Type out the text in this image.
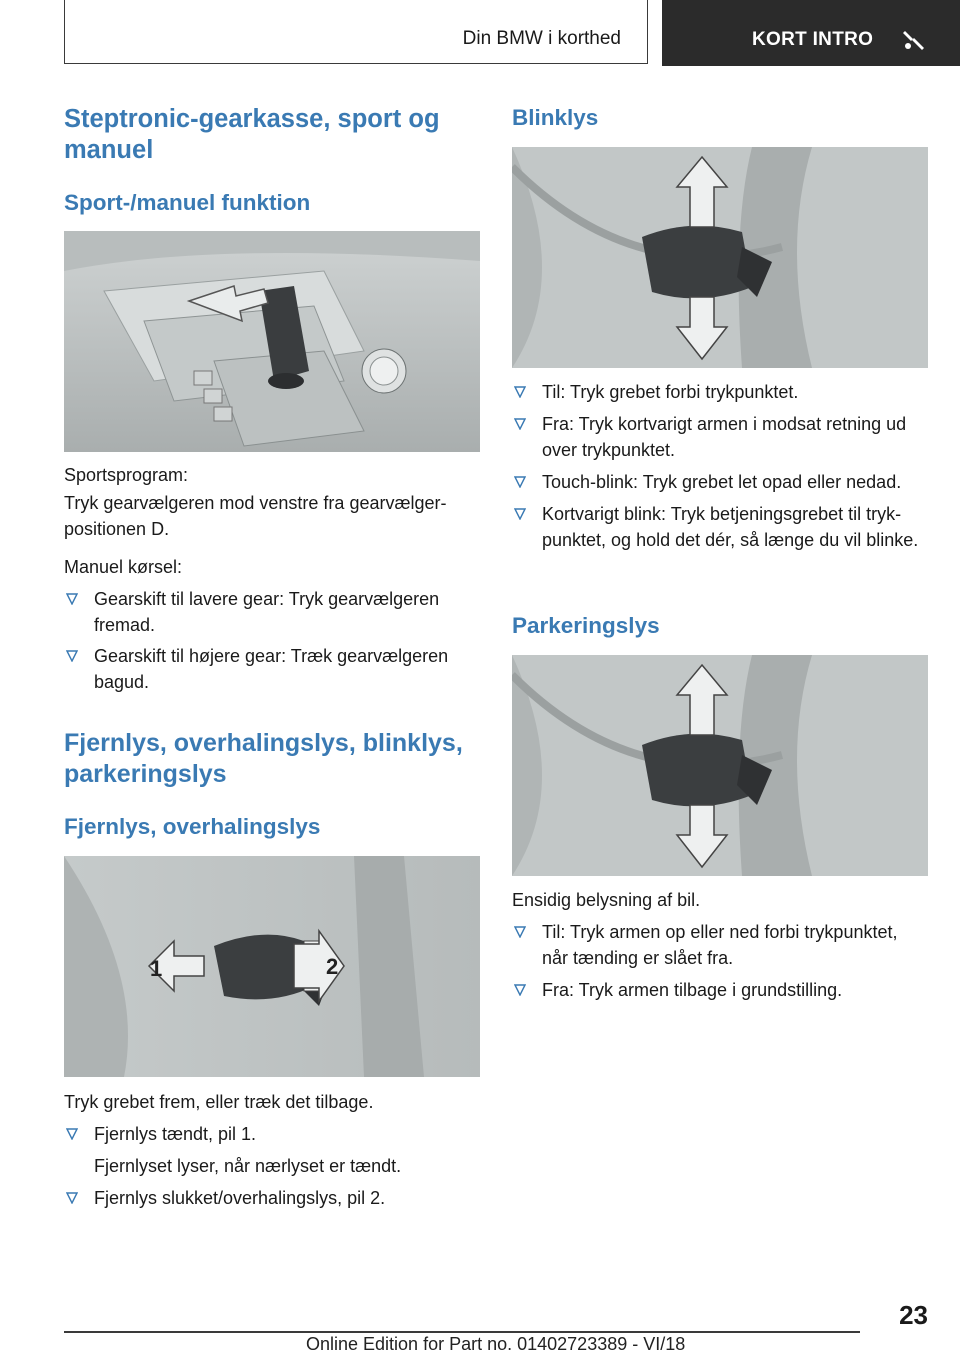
Din BMW i korthed	KORT INTRO
Steptronic-gearkasse, sport og manuel
Sport-/manuel funktion

Sportsprogram:

Tryk gearvælgeren mod venstre fra gearvælgerpositionen D.

Manuel kørsel:

Gearskift til lavere gear: Tryk gearvælgeren fremad.
Gearskift til højere gear: Træk gearvælgeren bagud.
Fjernlys, overhalingslys, blinklys, parkeringslys
Fjernlys, overhalingslys
1	2

Tryk grebet frem, eller træk det tilbage.

Fjernlys tændt, pil 1.
Fjernlyset lyser, når nærlyset er tændt.
Fjernlys slukket/overhalingslys, pil 2.
Blinklys
Til: Tryk grebet forbi trykpunktet.
Fra: Tryk kortvarigt armen i modsat retning ud over trykpunktet.
Touch-blink: Tryk grebet let opad eller nedad.
Kortvarigt blink: Tryk betjeningsgrebet til trykpunktet, og hold det dér, så længe du vil blinke.
Parkeringslys

Ensidig belysning af bil.

Til: Tryk armen op eller ned forbi trykpunktet, når tænding er slået fra.
Fra: Tryk armen tilbage i grundstilling.
23
Online Edition for Part no. 01402723389 - VI/18
